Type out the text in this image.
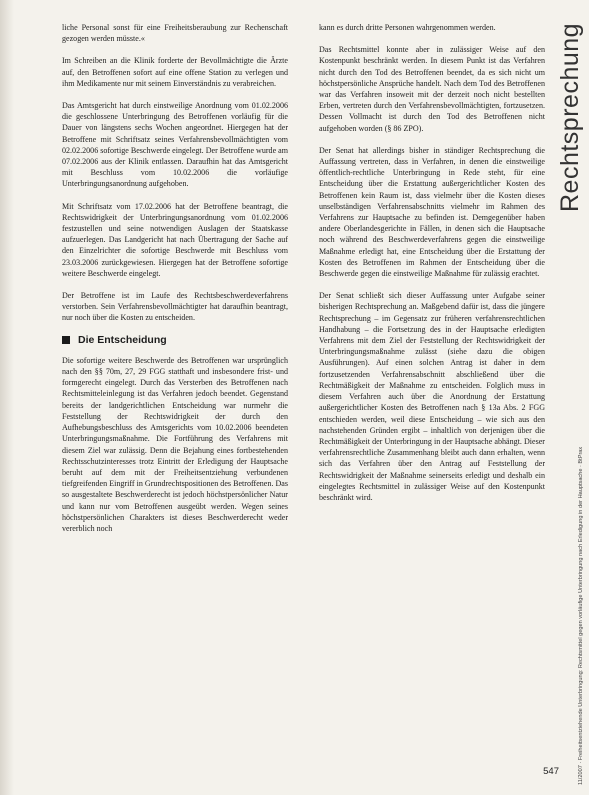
liche Personal sonst für eine Freiheitsberaubung zur Rechenschaft gezogen werden müsste.«

Im Schreiben an die Klinik forderte der Bevollmächtigte die Ärzte auf, den Betroffenen sofort auf eine offene Station zu verlegen und ihm Medikamente nur mit seinem Einverständnis zu verabreichen.

Das Amtsgericht hat durch einstweilige Anordnung vom 01.02.2006 die geschlossene Unterbringung des Betroffenen vorläufig für die Dauer von längstens sechs Wochen angeordnet. Hiergegen hat der Betroffene mit Schriftsatz seines Verfahrensbevollmächtigten vom 02.02.2006 sofortige Beschwerde eingelegt. Der Betroffene wurde am 07.02.2006 aus der Klinik entlassen. Daraufhin hat das Amtsgericht mit Beschluss vom 10.02.2006 die vorläufige Unterbringungsanordnung aufgehoben.

Mit Schriftsatz vom 17.02.2006 hat der Betroffene beantragt, die Rechtswidrigkeit der Unterbringungsanordnung vom 01.02.2006 festzustellen und seine notwendigen Auslagen der Staatskasse aufzuerlegen. Das Landgericht hat nach Übertragung der Sache auf den Einzelrichter die sofortige Beschwerde mit Beschluss vom 23.03.2006 zurückgewiesen. Hiergegen hat der Betroffene sofortige weitere Beschwerde eingelegt.

Der Betroffene ist im Laufe des Rechtsbeschwerdeverfahrens verstorben. Sein Verfahrensbevollmächtigter hat daraufhin beantragt, nur noch über die Kosten zu entscheiden.

Die Entscheidung

Die sofortige weitere Beschwerde des Betroffenen war ursprünglich nach den §§ 70m, 27, 29 FGG statthaft und insbesondere frist- und formgerecht eingelegt. Durch das Versterben des Betroffenen nach Rechtsmitteleinlegung ist das Verfahren jedoch beendet. Gegenstand bereits der landgerichtlichen Entscheidung war nurmehr die Feststellung der Rechtswidrigkeit der durch den Aufhebungsbeschluss des Amtsgerichts vom 10.02.2006 beendeten Unterbringungsmaßnahme. Die Fortführung des Verfahrens mit diesem Ziel war zulässig. Denn die Bejahung eines fortbestehenden Rechtsschutzinteresses trotz Eintritt der Erledigung der Hauptsache beruht auf dem mit der Freiheitsentziehung verbundenen tiefgreifenden Eingriff in Grundrechtspositionen des Betroffenen. Das so ausgestaltete Beschwerderecht ist jedoch höchstpersönlicher Natur und kann nur vom Betroffenen ausgeübt werden. Wegen seines höchstpersönlichen Charakters ist dieses Beschwerderecht weder vererblich noch

kann es durch dritte Personen wahrgenommen werden.

Das Rechtsmittel konnte aber in zulässiger Weise auf den Kostenpunkt beschränkt werden. In diesem Punkt ist das Verfahren nicht durch den Tod des Betroffenen beendet, da es sich nicht um höchstpersönliche Ansprüche handelt. Nach dem Tod des Betroffenen war das Verfahren insoweit mit der derzeit noch nicht bestellten Erben, vertreten durch den Verfahrensbevollmächtigten, fortzusetzen. Dessen Vollmacht ist durch den Tod des Betroffenen nicht aufgehoben worden (§ 86 ZPO).

Der Senat hat allerdings bisher in ständiger Rechtsprechung die Auffassung vertreten, dass in Verfahren, in denen die einstweilige öffentlich-rechtliche Unterbringung in Rede steht, für eine Entscheidung über die Erstattung außergerichtlicher Kosten des Betroffenen kein Raum ist, dass vielmehr über die Kosten dieses unselbständigen Verfahrensabschnitts vielmehr im Rahmen des Verfahrens zur Hauptsache zu befinden ist. Demgegenüber haben andere Oberlandesgerichte in Fällen, in denen sich die Hauptsache noch während des Beschwerdeverfahrens gegen die einstweilige Maßnahme erledigt hat, eine Entscheidung über die Erstattung der Kosten des Betroffenen im Rahmen der Entscheidung über die Beschwerde gegen die einstweilige Maßnahme für zulässig erachtet.

Der Senat schließt sich dieser Auffassung unter Aufgabe seiner bisherigen Rechtsprechung an. Maßgebend dafür ist, dass die jüngere Rechtsprechung – im Gegensatz zur früheren verfahrensrechtlichen Handhabung – die Fortsetzung des in der Hauptsache erledigten Verfahrens mit dem Ziel der Feststellung der Rechtswidrigkeit der Unterbringungsmaßnahme zulässt (siehe dazu die obigen Ausführungen). Auf einen solchen Antrag ist daher in dem fortzusetzenden Verfahrensabschnitt abschließend über die Rechtmäßigkeit der Maßnahme zu entscheiden. Folglich muss in diesem Verfahren auch über die Anordnung der Erstattung außergerichtlicher Kosten des Betroffenen nach § 13a Abs. 2 FGG entschieden werden, weil diese Entscheidung – wie sich aus den nachstehenden Gründen ergibt – inhaltlich von derjenigen über die Rechtmäßigkeit der Unterbringung in der Hauptsache abhängt. Dieser verfahrensrechtliche Zusammenhang bleibt auch dann erhalten, wenn sich das Verfahren über den Antrag auf Feststellung der Rechtswidrigkeit der Maßnahme seinerseits erledigt und deshalb ein eingelegtes Rechtsmittel in zulässiger Weise auf den Kostenpunkt beschränkt wird.

Rechtsprechung
11/2007 · Freiheitsentziehende Unterbringung: Rechtsmittel gegen vorläufige Unterbringung nach Erledigung in der Hauptsache · BtPrax
547
